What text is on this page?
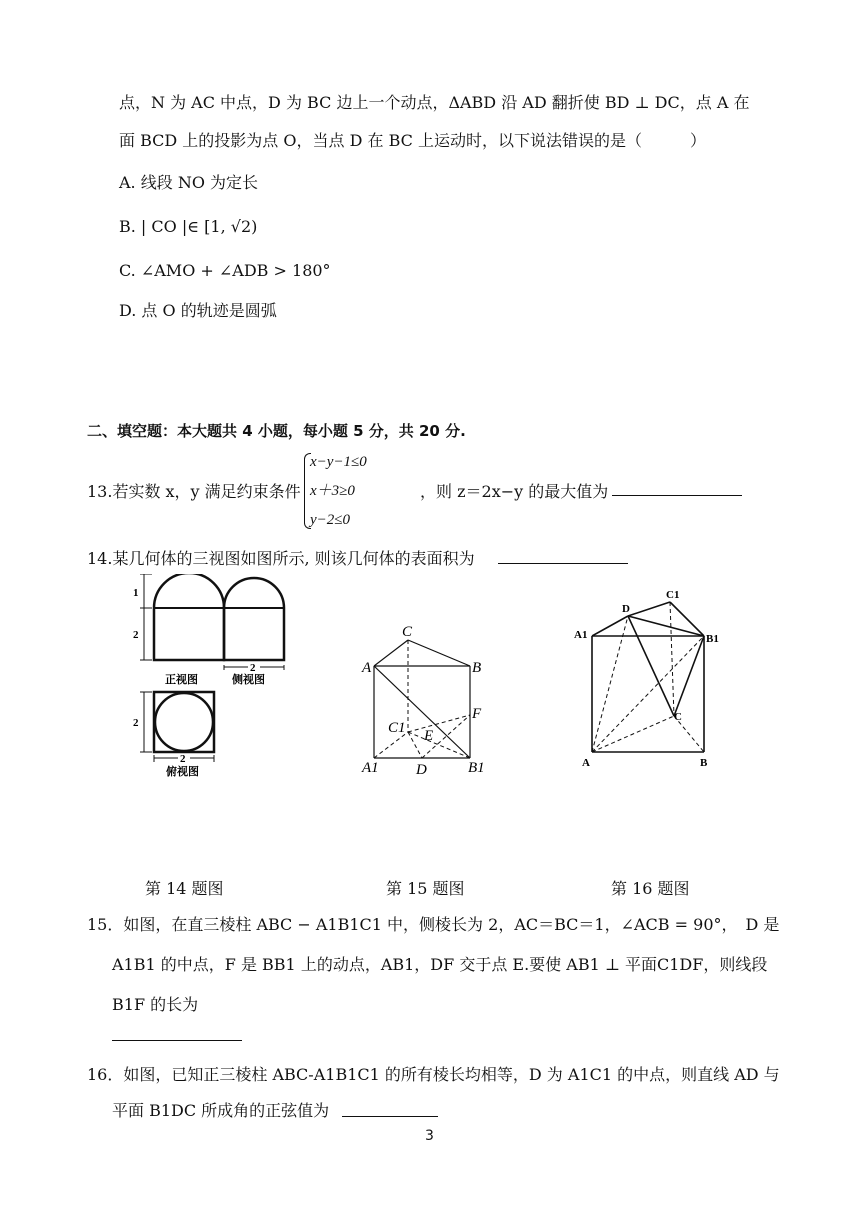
点，N 为 AC 中点，D 为 BC 边上一个动点，ΔABD 沿 AD 翻折使 BD ⊥ DC，点 A 在
面 BCD 上的投影为点 O，当点 D 在 BC 上运动时，以下说法错误的是（　　　）
A. 线段 NO 为定长
B. | CO |∈ [1, √2)
C. ∠AMO + ∠ADB > 180°
D. 点 O 的轨迹是圆弧
二、填空题：本大题共 4 小题，每小题 5 分，共 20 分.
13.若实数 x，y 满足约束条件
x−y−1≤0
x＋3≥0
y−2≤0
，则 z＝2x−y 的最大值为
14.某几何体的三视图如图所示, 则该几何体的表面积为
1
2
2
正视图	侧视图
2
2
俯视图
C
A	B
F
C1 E
A1 D	B1
C1
D
A1	B1
C
A	B
第 14 题图	第 15 题图	第 16 题图
15．如图，在直三棱柱 ABC − A1B1C1 中，侧棱长为 2，AC＝BC＝1，∠ACB = 90°，　D 是
A1B1 的中点，F 是 BB1 上的动点，AB1，DF 交于点 E.要使 AB1 ⊥ 平面C1DF，则线段
B1F 的长为
16．如图，已知正三棱柱 ABC-A1B1C1 的所有棱长均相等，D 为 A1C1 的中点，则直线 AD 与
平面 B1DC 所成角的正弦值为
3
